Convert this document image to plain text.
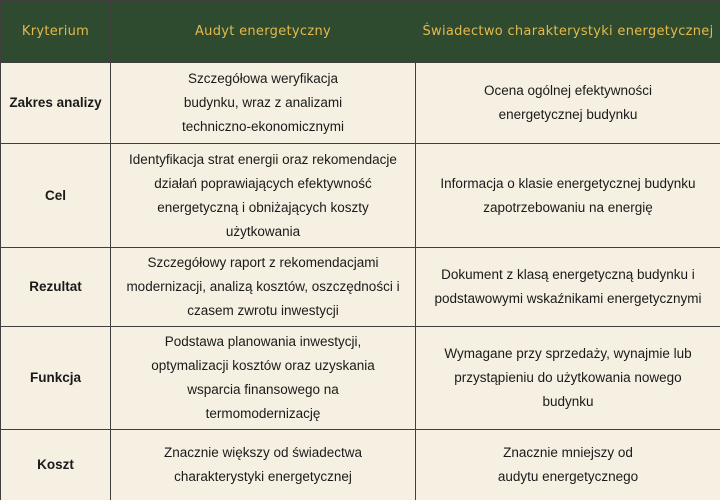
Kryterium	Audyt energetyczny	Świadectwo charakterystyki energetycznej
Zakres analizy	Szczegółowa weryfikacja budynku, wraz z analizami techniczno-ekonomicznymi	Ocena ogólnej efektywności energetycznej budynku
Cel	Identyfikacja strat energii oraz rekomendacje działań poprawiających efektywność energetyczną i obniżających koszty użytkowania	Informacja o klasie energetycznej budynku zapotrzebowaniu na energię
Rezultat	Szczegółowy raport z rekomendacjami modernizacji, analizą kosztów, oszczędności i czasem zwrotu inwestycji	Dokument z klasą energetyczną budynku i podstawowymi wskaźnikami energetycznymi
Funkcja	Podstawa planowania inwestycji, optymalizacji kosztów oraz uzyskania wsparcia finansowego na termomodernizację	Wymagane przy sprzedaży, wynajmie lub przystąpieniu do użytkowania nowego budynku
Koszt	Znacznie większy od świadectwa charakterystyki energetycznej	Znacznie mniejszy od audytu energetycznego
